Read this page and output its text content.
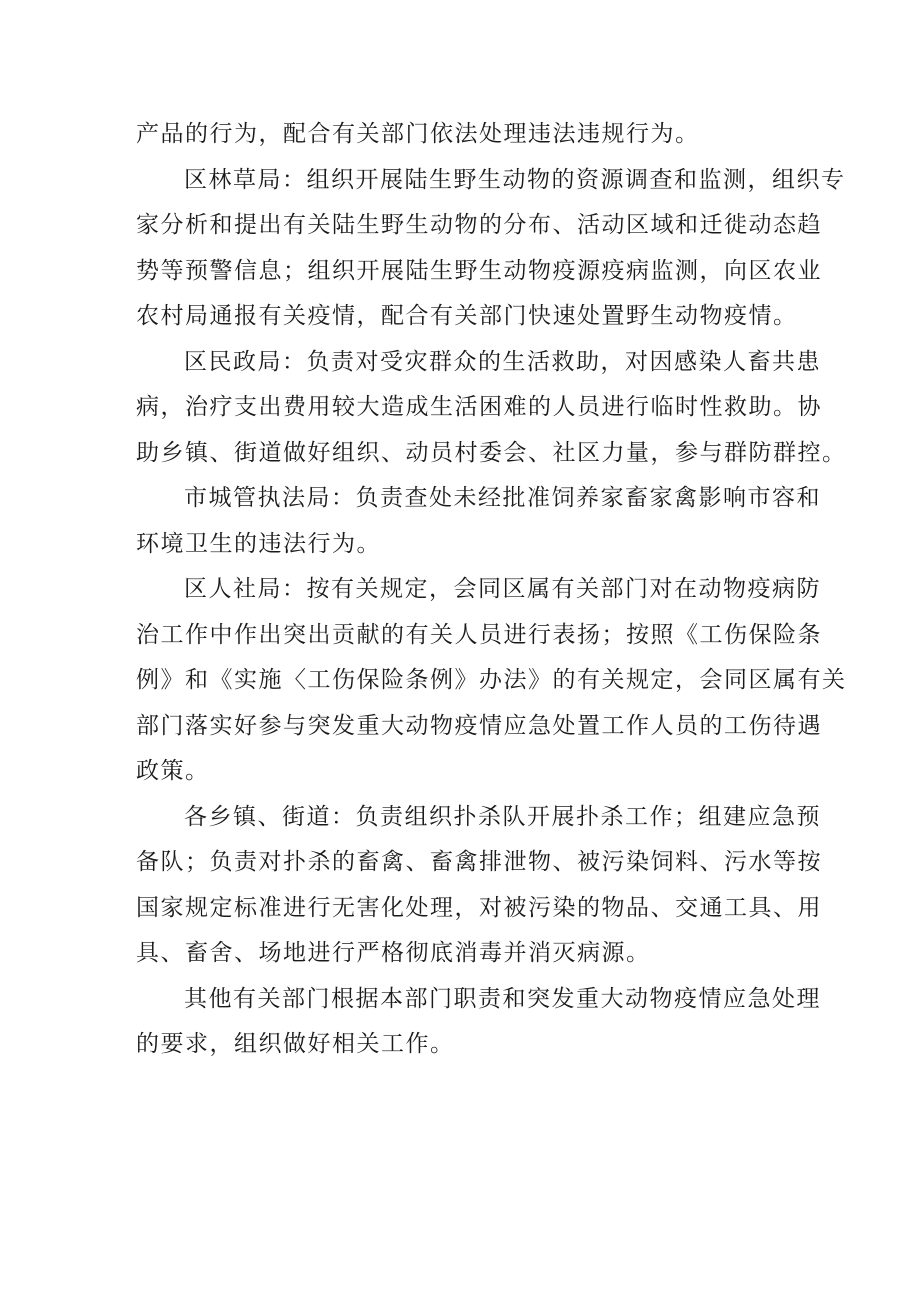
产品的行为，配合有关部门依法处理违法违规行为。
区林草局：组织开展陆生野生动物的资源调查和监测，组织专
家分析和提出有关陆生野生动物的分布、活动区域和迁徙动态趋
势等预警信息；组织开展陆生野生动物疫源疫病监测，向区农业
农村局通报有关疫情，配合有关部门快速处置野生动物疫情。
区民政局：负责对受灾群众的生活救助，对因感染人畜共患
病，治疗支出费用较大造成生活困难的人员进行临时性救助。协
助乡镇、街道做好组织、动员村委会、社区力量，参与群防群控。
市城管执法局：负责查处未经批准饲养家畜家禽影响市容和
环境卫生的违法行为。
区人社局：按有关规定，会同区属有关部门对在动物疫病防
治工作中作出突出贡献的有关人员进行表扬；按照《工伤保险条
例》和《实施〈工伤保险条例》办法》的有关规定，会同区属有关
部门落实好参与突发重大动物疫情应急处置工作人员的工伤待遇
政策。
各乡镇、街道：负责组织扑杀队开展扑杀工作；组建应急预
备队；负责对扑杀的畜禽、畜禽排泄物、被污染饲料、污水等按
国家规定标准进行无害化处理，对被污染的物品、交通工具、用
具、畜舍、场地进行严格彻底消毒并消灭病源。
其他有关部门根据本部门职责和突发重大动物疫情应急处理
的要求，组织做好相关工作。
